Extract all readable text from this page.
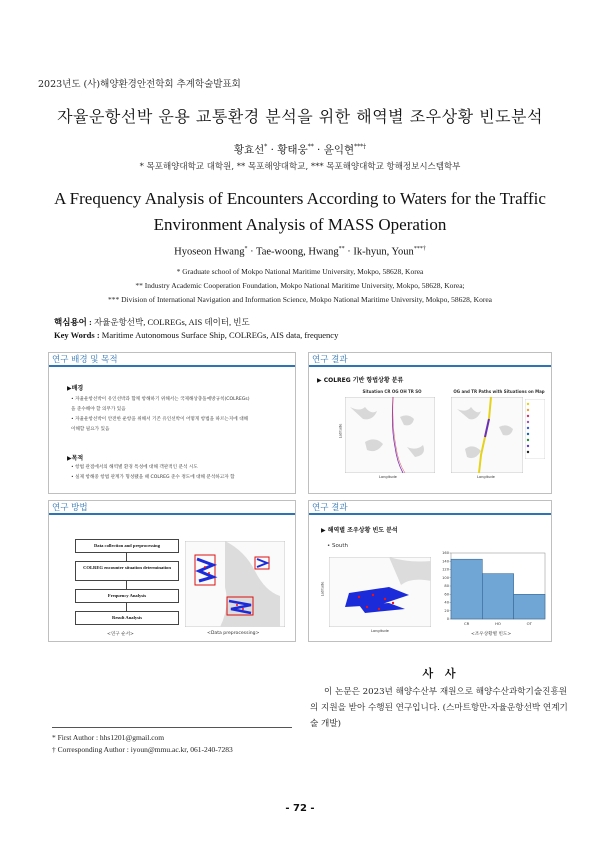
2023년도 (사)해양환경안전학회 추계학술발표회
자율운항선박 운용 교통환경 분석을 위한 해역별 조우상황 빈도분석
황효선* · 황태웅** · 윤익현***†
* 목포해양대학교 대학원, ** 목포해양대학교, *** 목포해양대학교 항해정보시스템학부
A Frequency Analysis of Encounters According to Waters for the Traffic Environment Analysis of MASS Operation
Hyoseon Hwang* · Tae-woong, Hwang** · Ik-hyun, Youn***†
* Graduate school of Mokpo National Maritime University, Mokpo, 58628, Korea
** Industry Academic Cooperation Foundation, Mokpo National Maritime University, Mokpo, 58628, Korea;
*** Division of International Navigation and Information Science, Mokpo National Maritime University, Mokpo, 58628, Korea
핵심용어 : 자율운항선박, COLREGs, AIS 데이터, 빈도
Key Words : Maritime Autonomous Surface Ship, COLREGs, AIS data, frequency
연구 배경 및 목적
▶배경
• 자율운항선박이 유인선박과 함께 항해하기 위해서는 국제해상충돌예방규칙(COLREGs)
을 준수해야 할 의무가 있음
• 자율운항선박이 안전한 운항을 위해서 기존 유인선박이 어떻게 항법을 따르는지에 대해
이해할 필요가 있음
▶목적
• 항법 관점에서의 해역별 환경 특성에 대해 객관적인 분석 시도
• 실제 항해중 항법 관계가 형성됐을 때 COLREG 준수 정도에 대해 분석하고자 함
연구 결과
▶ COLREG 기반 항법상황 분류
Situation CR OG OH TR SO
Longitude
Latitude
OG and TR Paths with Situations on Map
Longitude
연구 방법
Data collection and preprocessing
COLREG encounter situation determination
Frequency Analysis
Result Analysis
<연구 순서>	<Data preprocessing>
연구 결과
▶ 해역별 조우상황 빈도 분석
• South
Longitude
Latitude
0
20
40
60
80
100
120
140
160
CR	HO	OT
<조우상황별 빈도>
사 사
이 논문은 2023년 해양수산부 재원으로 해양수산과학기술진흥원의 지원을 받아 수행된 연구입니다. (스마트항만-자율운항선박 연계기술 개발)
* First Author : hhs1201@gmail.com
† Corresponding Author : iyoun@mmu.ac.kr, 061-240-7283
- 72 -
